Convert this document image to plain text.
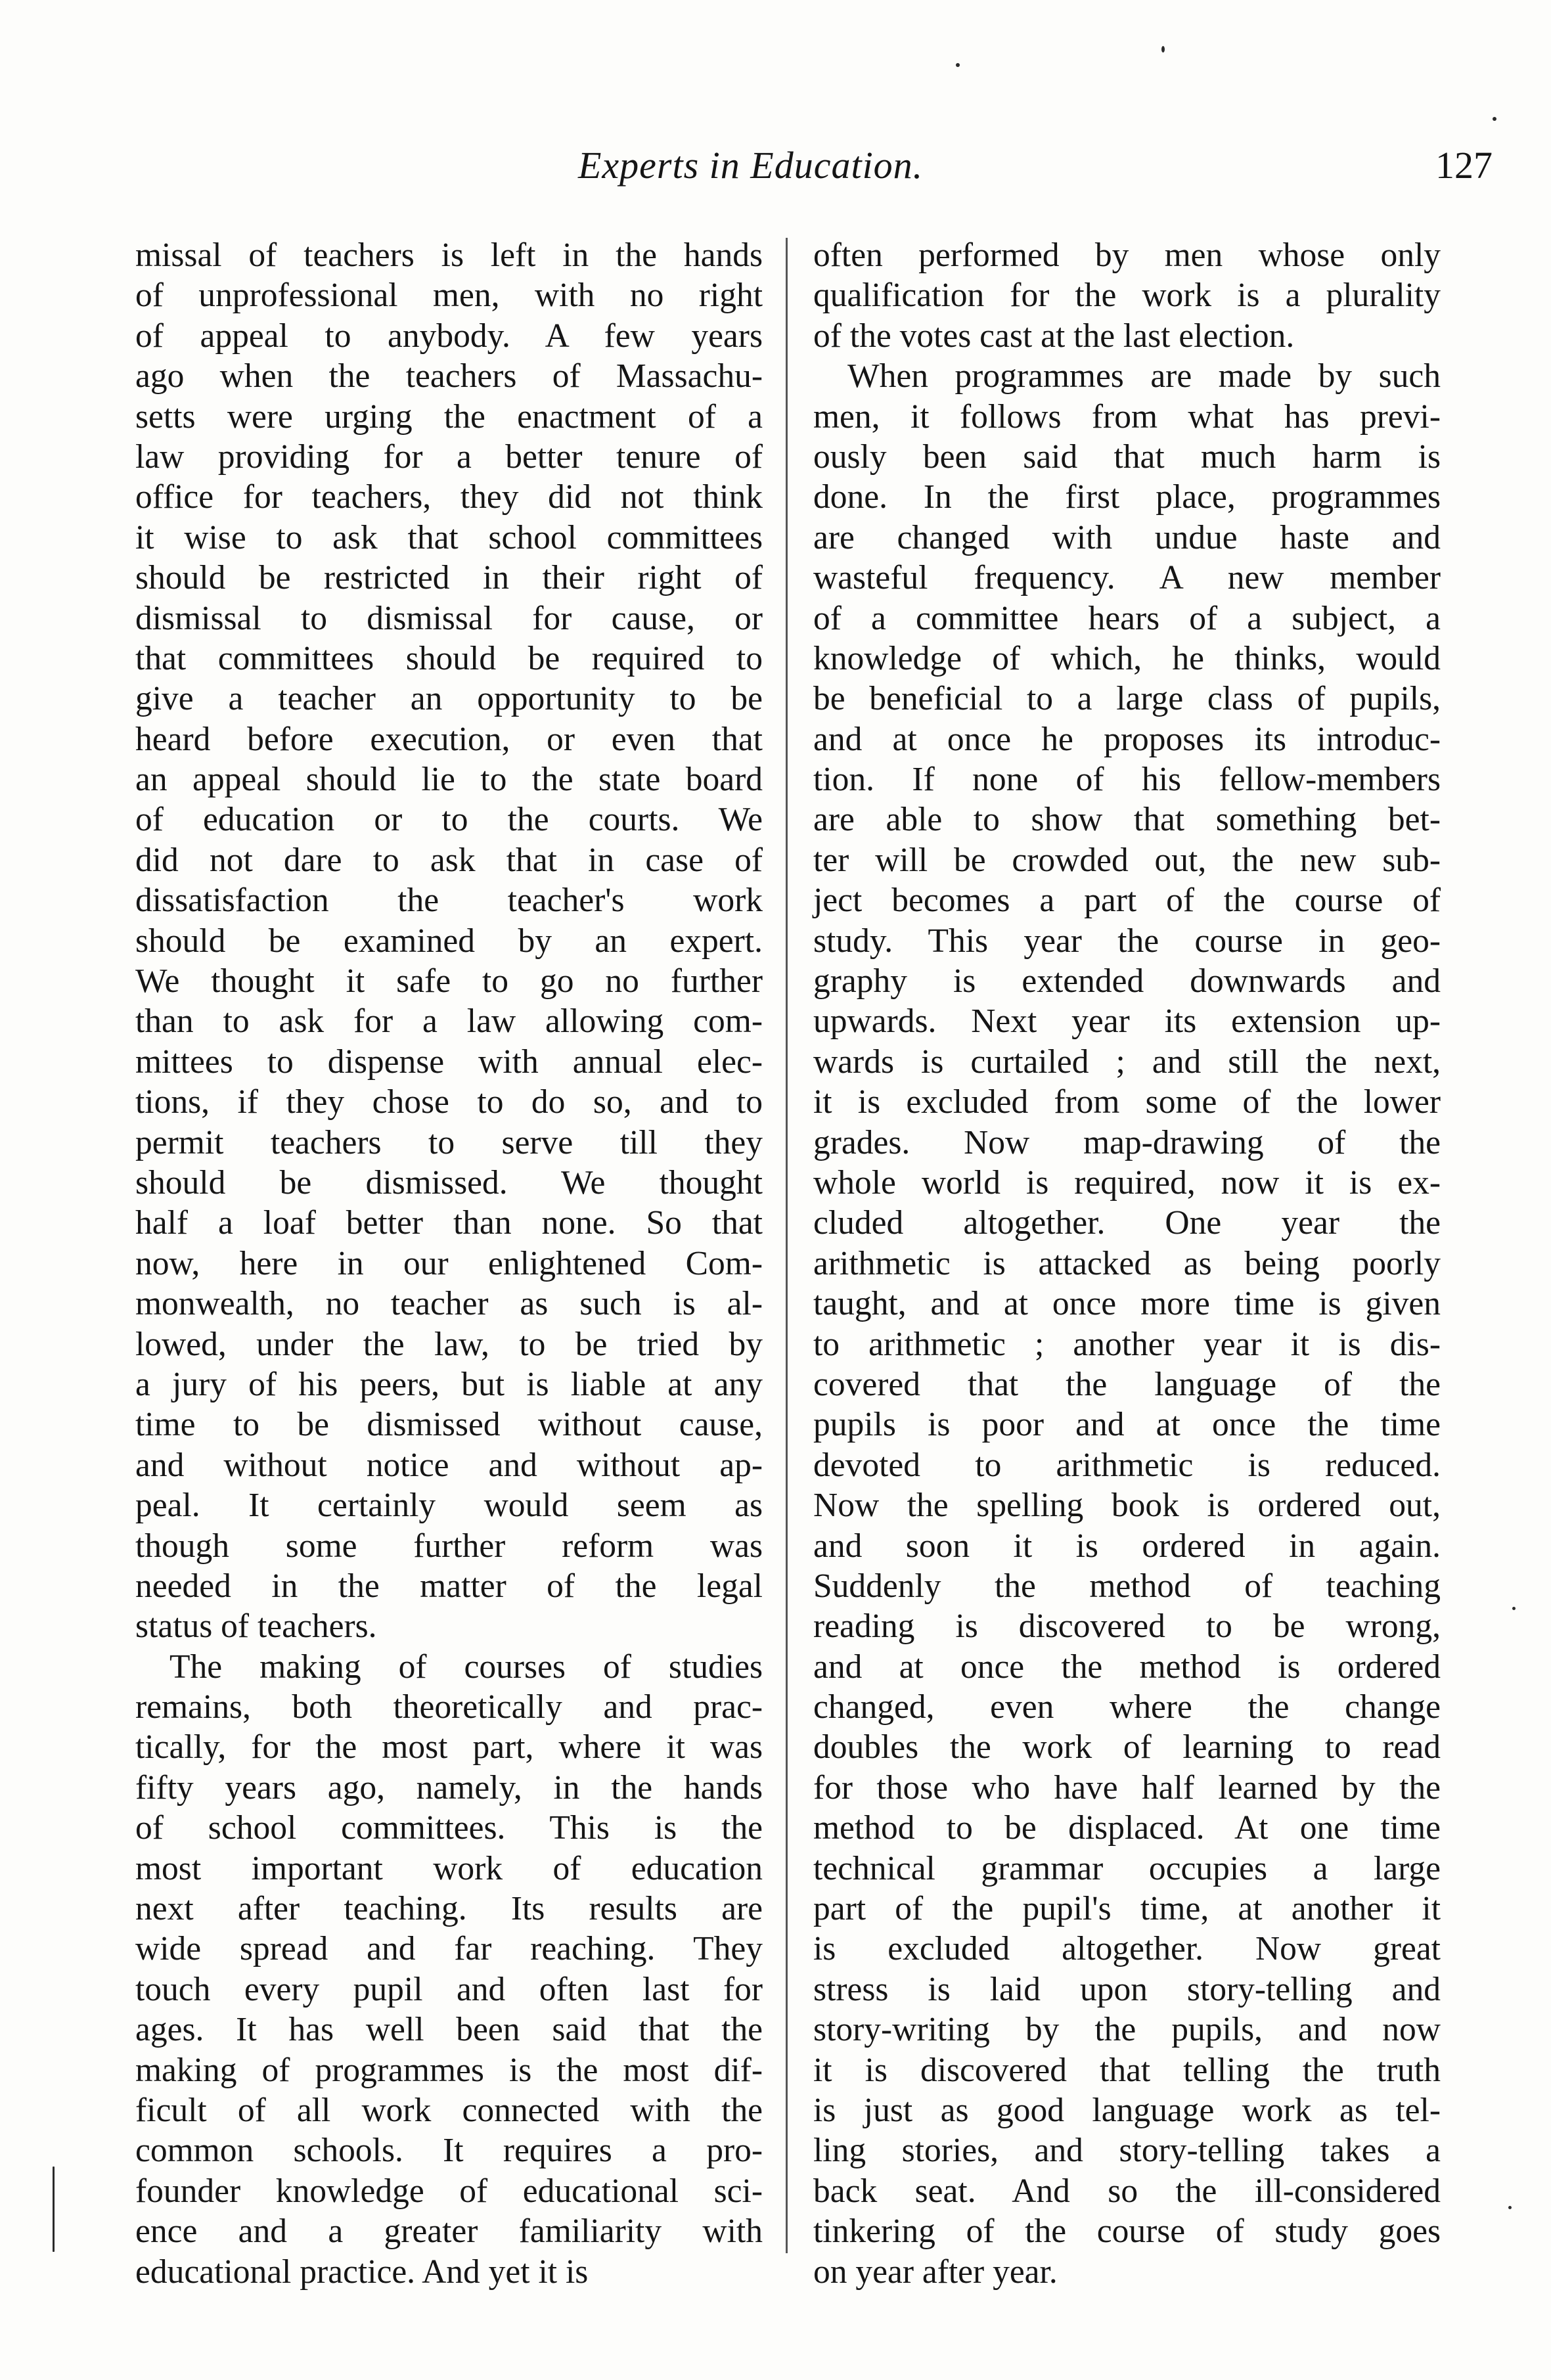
Experts in Education.	127
missal of teachers is left in the hands
of unprofessional men, with no right
of appeal to anybody. A few years
ago when the teachers of Massachu-
setts were urging the enactment of a
law providing for a better tenure of
office for teachers, they did not think
it wise to ask that school committees
should be restricted in their right of
dismissal to dismissal for cause, or
that committees should be required to
give a teacher an opportunity to be
heard before execution, or even that
an appeal should lie to the state board
of education or to the courts. We
did not dare to ask that in case of
dissatisfaction the teacher's work
should be examined by an expert.
We thought it safe to go no further
than to ask for a law allowing com-
mittees to dispense with annual elec-
tions, if they chose to do so, and to
permit teachers to serve till they
should be dismissed. We thought
half a loaf better than none. So that
now, here in our enlightened Com-
monwealth, no teacher as such is al-
lowed, under the law, to be tried by
a jury of his peers, but is liable at any
time to be dismissed without cause,
and without notice and without ap-
peal. It certainly would seem as
though some further reform was
needed in the matter of the legal
status of teachers.
The making of courses of studies
remains, both theoretically and prac-
tically, for the most part, where it was
fifty years ago, namely, in the hands
of school committees. This is the
most important work of education
next after teaching. Its results are
wide spread and far reaching. They
touch every pupil and often last for
ages. It has well been said that the
making of programmes is the most dif-
ficult of all work connected with the
common schools. It requires a pro-
founder knowledge of educational sci-
ence and a greater familiarity with
educational practice. And yet it is
often performed by men whose only
qualification for the work is a plurality
of the votes cast at the last election.
When programmes are made by such
men, it follows from what has previ-
ously been said that much harm is
done. In the first place, programmes
are changed with undue haste and
wasteful frequency. A new member
of a committee hears of a subject, a
knowledge of which, he thinks, would
be beneficial to a large class of pupils,
and at once he proposes its introduc-
tion. If none of his fellow-members
are able to show that something bet-
ter will be crowded out, the new sub-
ject becomes a part of the course of
study. This year the course in geo-
graphy is extended downwards and
upwards. Next year its extension up-
wards is curtailed ; and still the next,
it is excluded from some of the lower
grades. Now map-drawing of the
whole world is required, now it is ex-
cluded altogether. One year the
arithmetic is attacked as being poorly
taught, and at once more time is given
to arithmetic ; another year it is dis-
covered that the language of the
pupils is poor and at once the time
devoted to arithmetic is reduced.
Now the spelling book is ordered out,
and soon it is ordered in again.
Suddenly the method of teaching
reading is discovered to be wrong,
and at once the method is ordered
changed, even where the change
doubles the work of learning to read
for those who have half learned by the
method to be displaced. At one time
technical grammar occupies a large
part of the pupil's time, at another it
is excluded altogether. Now great
stress is laid upon story-telling and
story-writing by the pupils, and now
it is discovered that telling the truth
is just as good language work as tel-
ling stories, and story-telling takes a
back seat. And so the ill-considered
tinkering of the course of study goes
on year after year.
